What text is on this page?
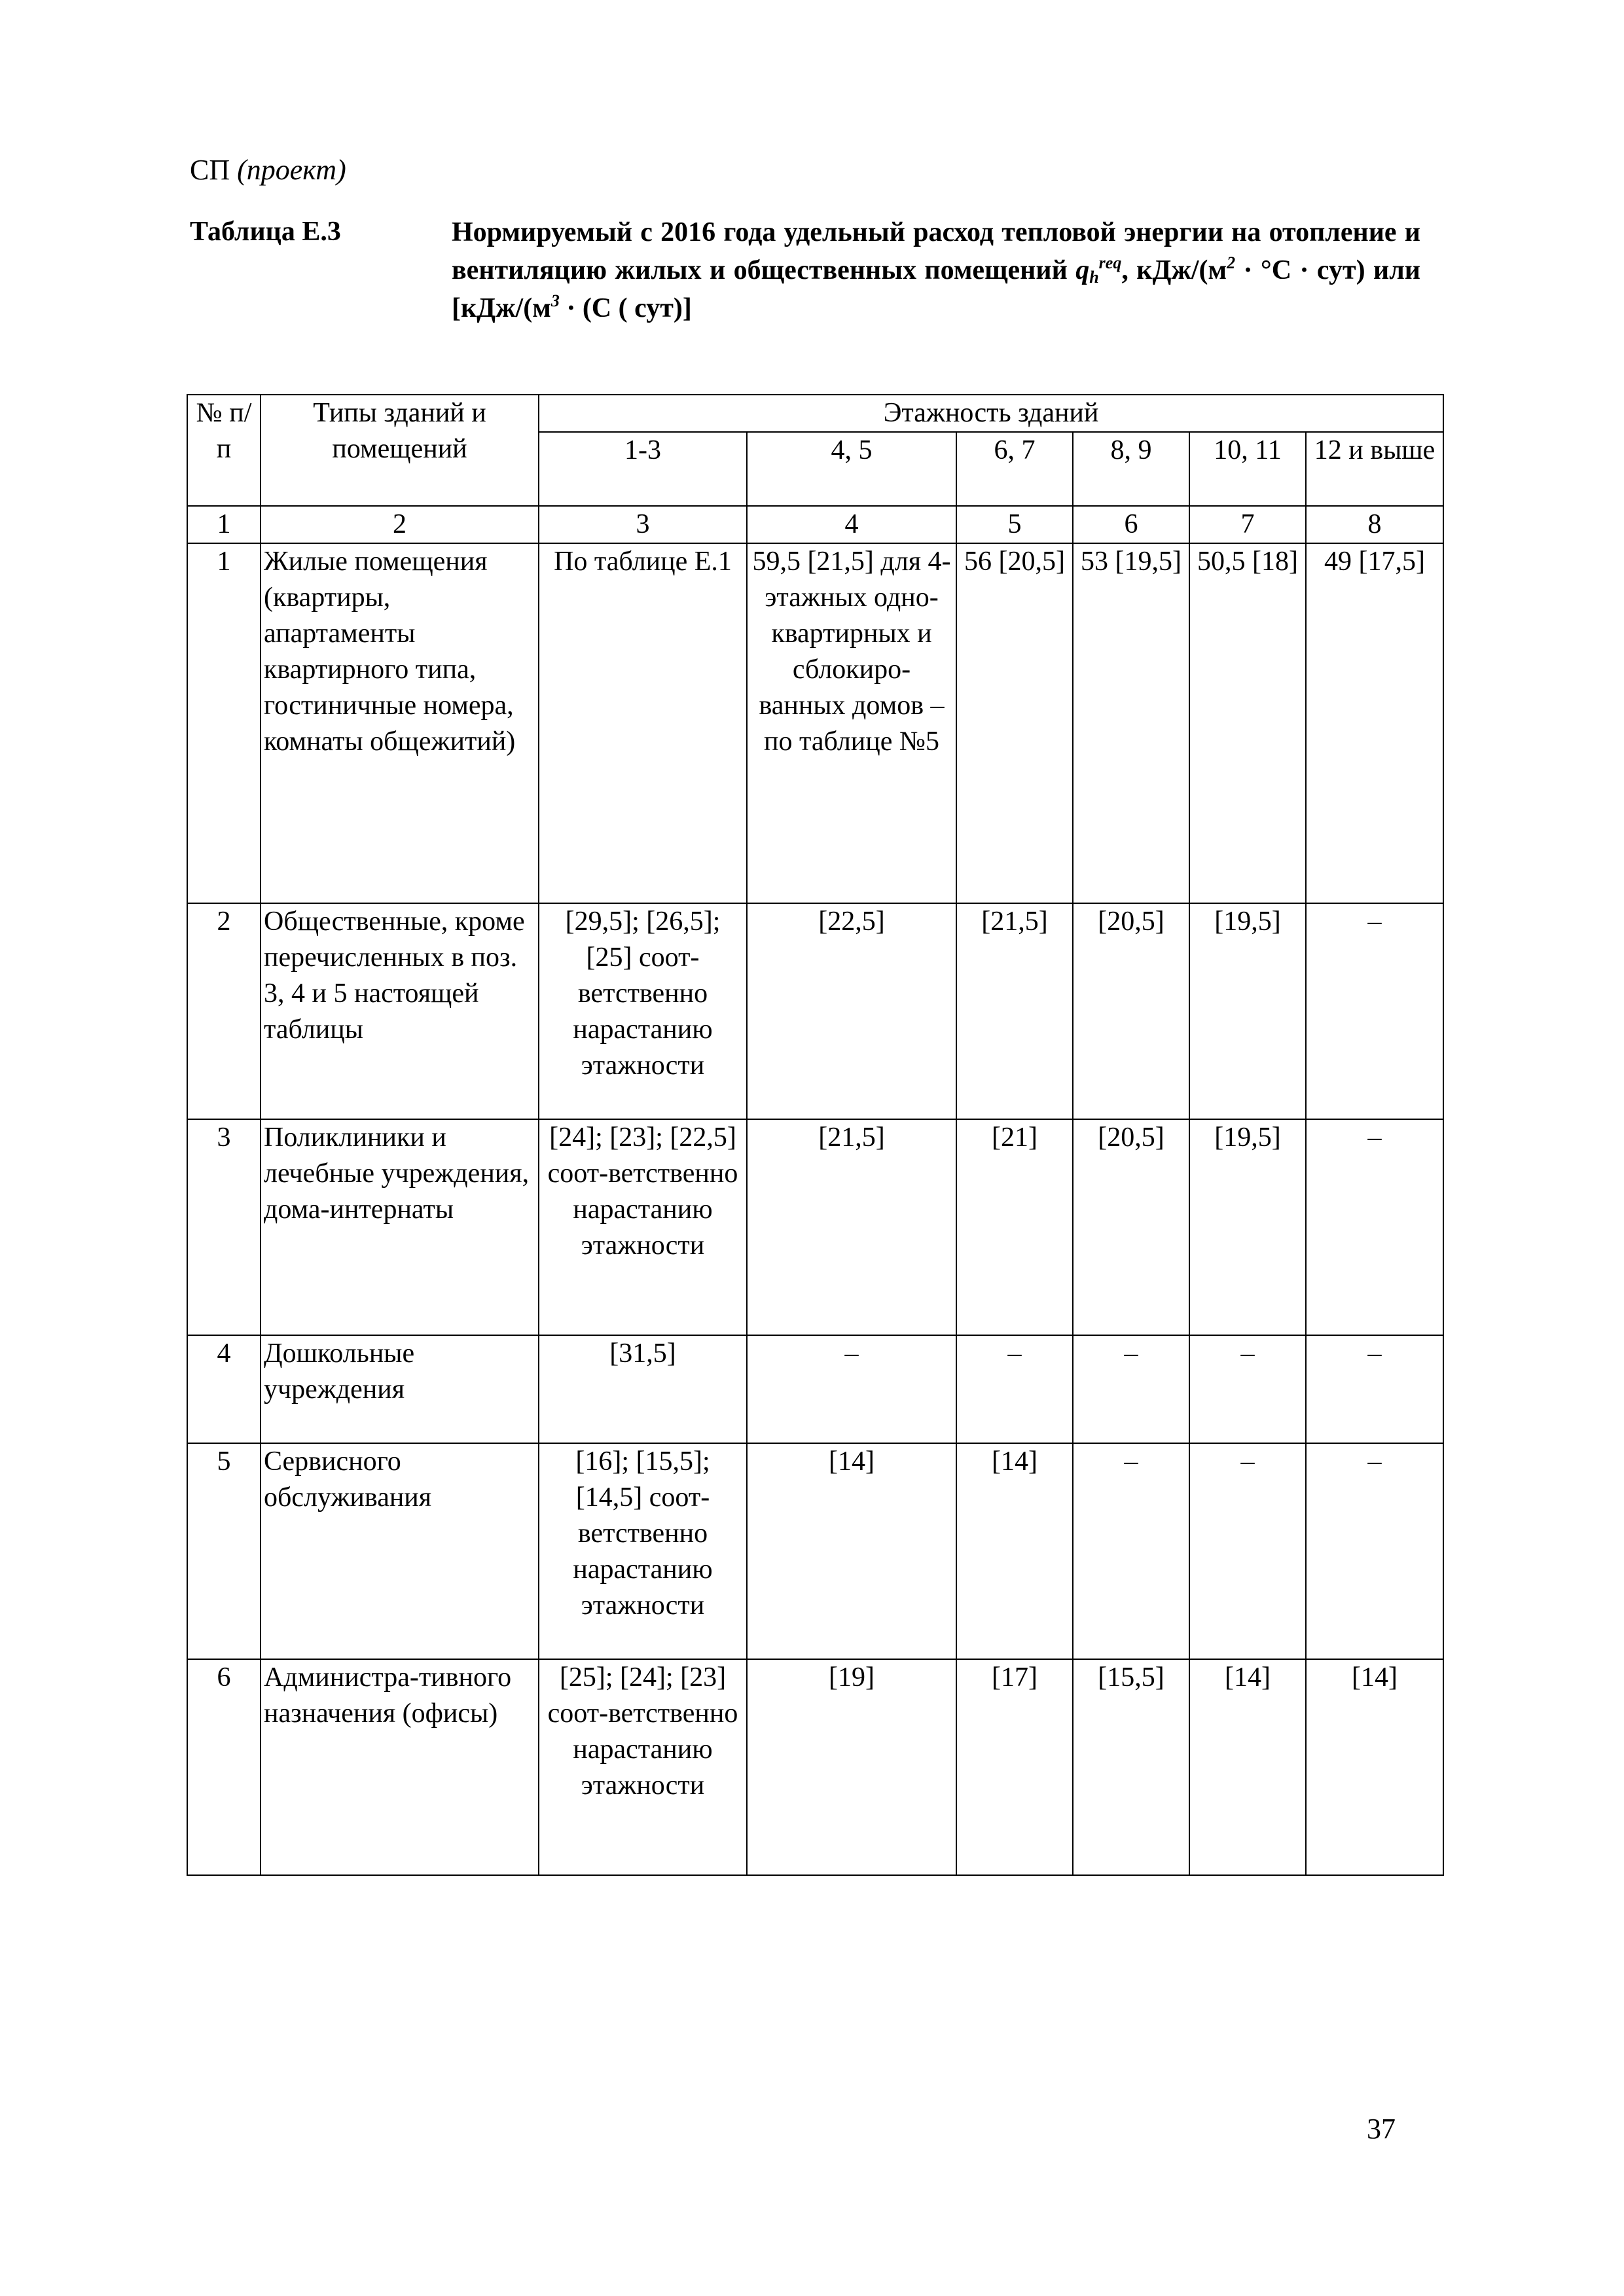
СП (проект)
Таблица Е.3	Нормируемый с 2016 года удельный расход тепловой энергии на отопление и вентиляцию жилых и общественных помещений $q_h^{req}$, кДж/$(м^2 \cdot ^\circ С \cdot сут)$ или [$кДж/(м^3 \cdot (С$ ( сут)]
№ п/п	Типы зданий и помещений	Этажность зданий					
		1-3	4, 5	6, 7	8, 9	10, 11	12 и выше
1	2	3	4	5	6	7	8
1	Жилые помещения (квартиры, апартаменты квартирного типа, гостиничные номера, комнаты общежитий)	По таблице Е.1	59,5 [21,5] для 4-этажных одно-квартирных и сблокиро-ванных домов – по таблице №5	56 [20,5]	53 [19,5]	50,5 [18]	49 [17,5]
2	Общественные, кроме перечисленных в поз. 3, 4 и 5 настоящей таблицы	[29,5]; [26,5]; [25] соот-ветственно нарастанию этажности	[22,5]	[21,5]	[20,5]	[19,5]	–
3	Поликлиники и лечебные учреждения, дома-интернаты	[24]; [23]; [22,5] соот-ветственно нарастанию этажности	[21,5]	[21]	[20,5]	[19,5]	–
4	Дошкольные учреждения	[31,5]	–	–	–	–	–
5	Сервисного обслуживания	[16]; [15,5]; [14,5] соот-ветственно нарастанию этажности	[14]	[14]	–	–	–
6	Администра-тивного назначения (офисы)	[25]; [24]; [23] соот-ветственно нарастанию этажности	[19]	[17]	[15,5]	[14]	[14]
37
